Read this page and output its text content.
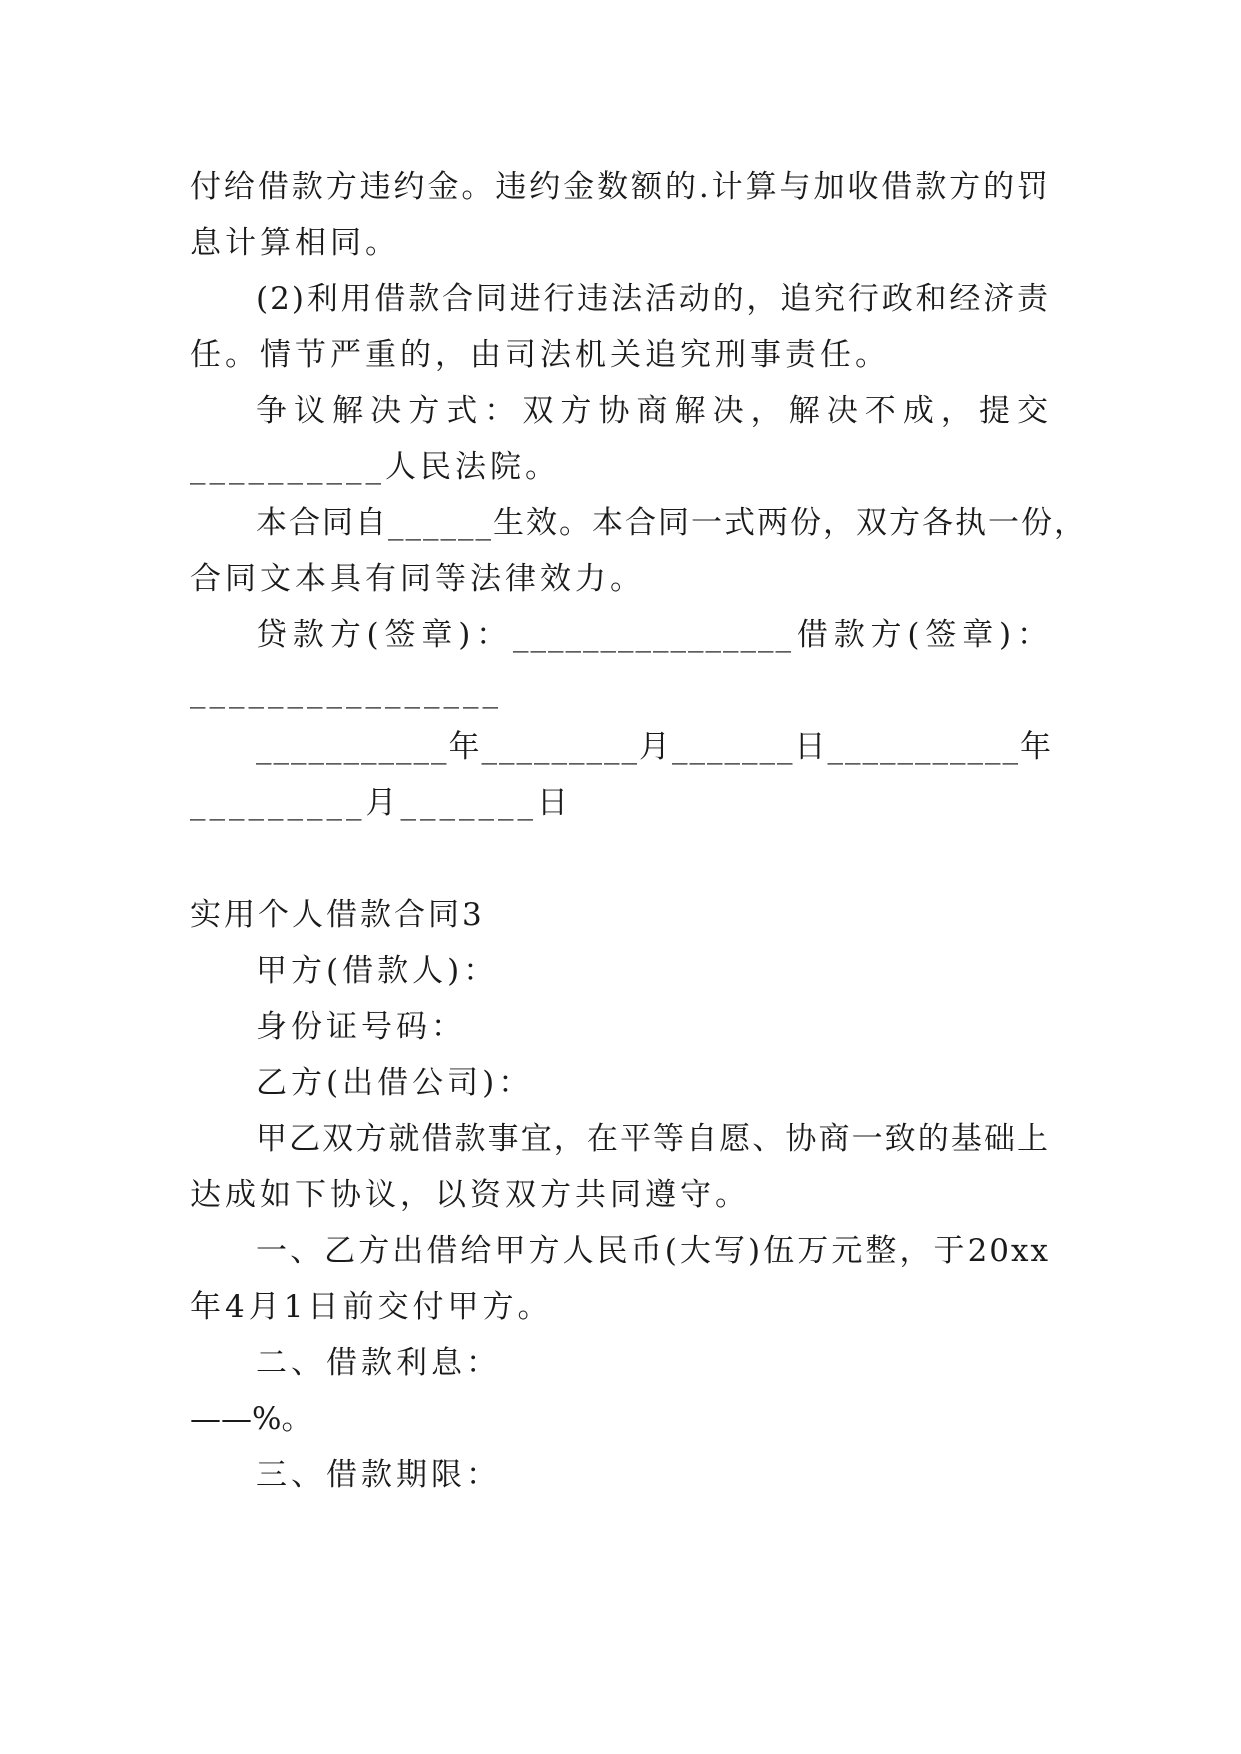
付给借款方违约金。违约金数额的.计算与加收借款方的罚
息计算相同。
(2)利用借款合同进行违法活动的，追究行政和经济责
任。情节严重的，由司法机关追究刑事责任。
争议解决方式：双方协商解决，解决不成，提交
__________人民法院。
本合同自______生效。本合同一式两份，双方各执一份，
合同文本具有同等法律效力。
贷款方(签章)：________________借款方(签章)：
________________
___________年_________月_______日___________年
_________月_______日
实用个人借款合同3
甲方(借款人)：
身份证号码：
乙方(出借公司)：
甲乙双方就借款事宜，在平等自愿、协商一致的基础上
达成如下协议，以资双方共同遵守。
一、乙方出借给甲方人民币(大写)伍万元整，于20xx
年4月1日前交付甲方。
二、借款利息：
——%。
三、借款期限：
